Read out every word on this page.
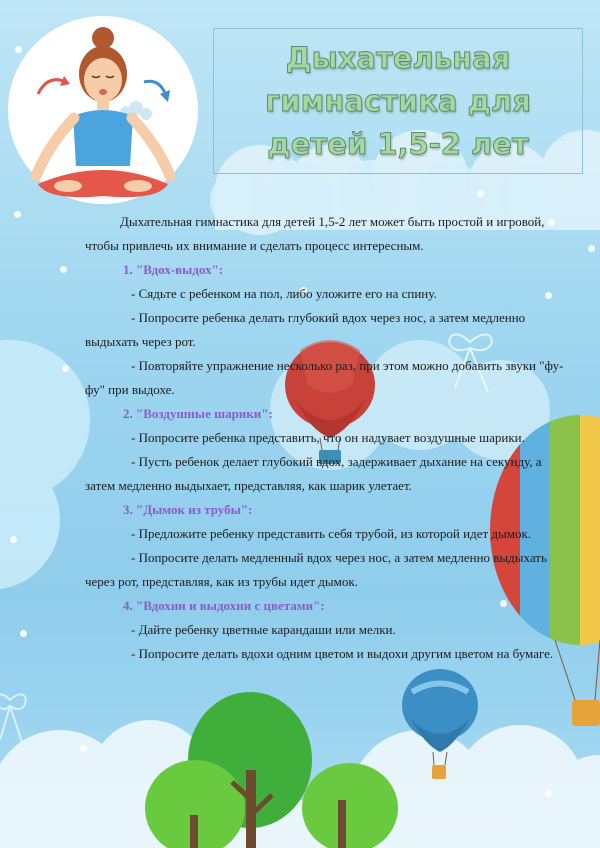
Дыхательная
гимнастика для
детей 1,5-2 лет

Дыхательная гимнастика для детей 1,5-2 лет может быть простой и игровой, чтобы привлечь их внимание и сделать процесс интересным.

1. "Вдох-выдох":

- Сядьте с ребенком на пол, либо уложите его на спину.

- Попросите ребенка делать глубокий вдох через нос, а затем медленно выдыхать через рот.

- Повторяйте упражнение несколько раз, при этом можно добавить звуки "фу-фу" при выдохе.

2. "Воздушные шарики":

- Попросите ребенка представить, что он надувает воздушные шарики.

- Пусть ребенок делает глубокий вдох, задерживает дыхание на секунду, а затем медленно выдыхает, представляя, как шарик улетает.

3. "Дымок из трубы":

- Предложите ребенку представить себя трубой, из которой идет дымок.

- Попросите делать медленный вдох через нос, а затем медленно выдыхать через рот, представляя, как из трубы идет дымок.

4. "Вдохни и выдохни с цветами":

- Дайте ребенку цветные карандаши или мелки.

- Попросите делать вдохи одним цветом и выдохи другим цветом на бумаге.
